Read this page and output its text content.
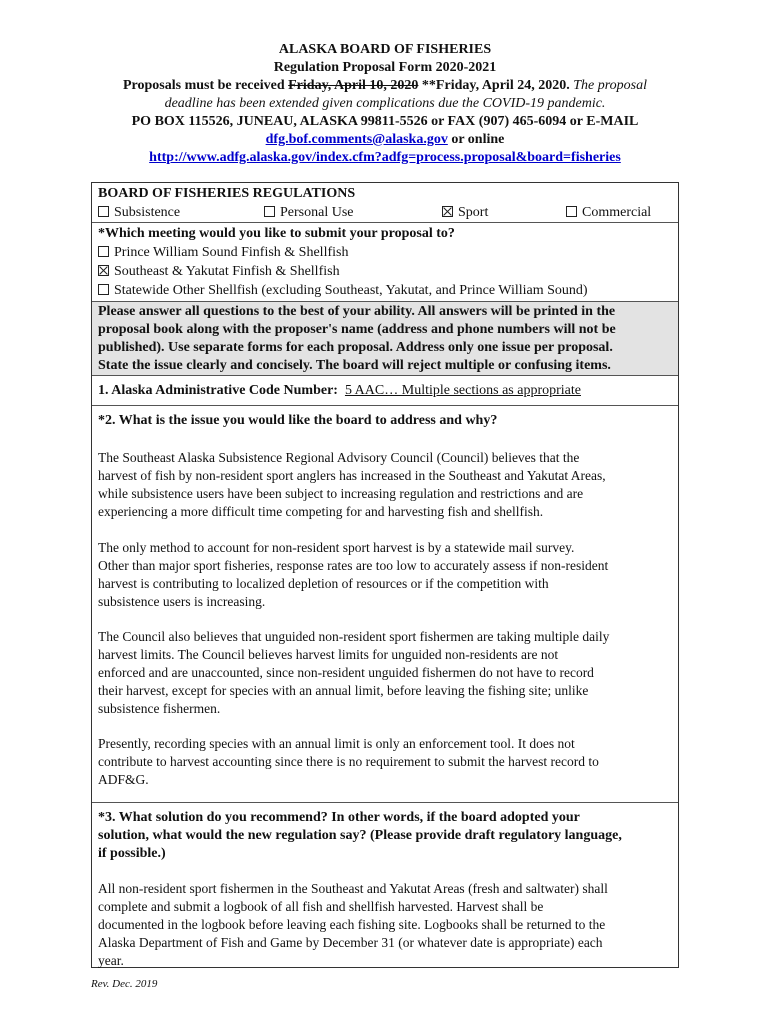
ALASKA BOARD OF FISHERIES
Regulation Proposal Form 2020-2021
Proposals must be received Friday, April 10, 2020 **Friday, April 24, 2020. The proposal
deadline has been extended given complications due the COVID-19 pandemic.
PO BOX 115526, JUNEAU, ALASKA 99811-5526 or FAX (907) 465-6094 or E-MAIL
dfg.bof.comments@alaska.gov or online
http://www.adfg.alaska.gov/index.cfm?adfg=process.proposal&board=fisheries
BOARD OF FISHERIES REGULATIONS
Subsistence	Personal Use	Sport	Commercial
*Which meeting would you like to submit your proposal to?
Prince William Sound Finfish & Shellfish
Southeast & Yakutat Finfish & Shellfish
Statewide Other Shellfish (excluding Southeast, Yakutat, and Prince William Sound)
Please answer all questions to the best of your ability. All answers will be printed in the
proposal book along with the proposer's name (address and phone numbers will not be
published). Use separate forms for each proposal. Address only one issue per proposal.
State the issue clearly and concisely. The board will reject multiple or confusing items.
1. Alaska Administrative Code Number: 5 AAC… Multiple sections as appropriate
*2. What is the issue you would like the board to address and why?
The Southeast Alaska Subsistence Regional Advisory Council (Council) believes that the
harvest of fish by non-resident sport anglers has increased in the Southeast and Yakutat Areas,
while subsistence users have been subject to increasing regulation and restrictions and are
experiencing a more difficult time competing for and harvesting fish and shellfish.
The only method to account for non-resident sport harvest is by a statewide mail survey.
Other than major sport fisheries, response rates are too low to accurately assess if non-resident
harvest is contributing to localized depletion of resources or if the competition with
subsistence users is increasing.
The Council also believes that unguided non-resident sport fishermen are taking multiple daily
harvest limits. The Council believes harvest limits for unguided non-residents are not
enforced and are unaccounted, since non-resident unguided fishermen do not have to record
their harvest, except for species with an annual limit, before leaving the fishing site; unlike
subsistence fishermen.
Presently, recording species with an annual limit is only an enforcement tool. It does not
contribute to harvest accounting since there is no requirement to submit the harvest record to
ADF&G.
*3. What solution do you recommend? In other words, if the board adopted your
solution, what would the new regulation say? (Please provide draft regulatory language,
if possible.)
All non-resident sport fishermen in the Southeast and Yakutat Areas (fresh and saltwater) shall
complete and submit a logbook of all fish and shellfish harvested. Harvest shall be
documented in the logbook before leaving each fishing site. Logbooks shall be returned to the
Alaska Department of Fish and Game by December 31 (or whatever date is appropriate) each
year.
Rev. Dec. 2019
